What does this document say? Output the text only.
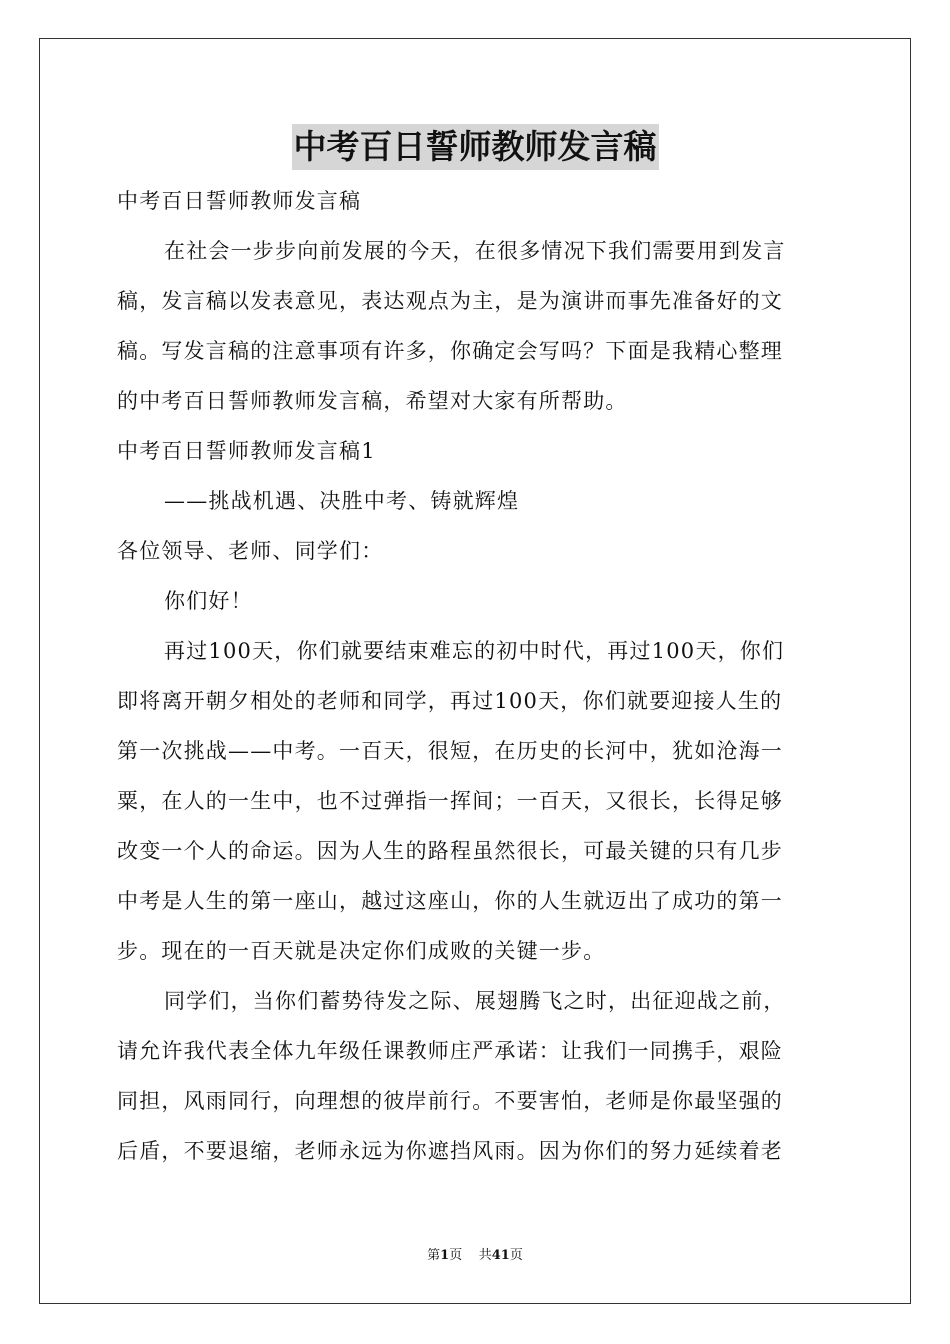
中考百日誓师教师发言稿
中考百日誓师教师发言稿
在社会一步步向前发展的今天，在很多情况下我们需要用到发言
稿，发言稿以发表意见，表达观点为主，是为演讲而事先准备好的文
稿。写发言稿的注意事项有许多，你确定会写吗？下面是我精心整理
的中考百日誓师教师发言稿，希望对大家有所帮助。
中考百日誓师教师发言稿1
——挑战机遇、决胜中考、铸就辉煌
各位领导、老师、同学们：
你们好！
再过100天，你们就要结束难忘的初中时代，再过100天，你们
即将离开朝夕相处的老师和同学，再过100天，你们就要迎接人生的
第一次挑战——中考。一百天，很短，在历史的长河中，犹如沧海一
粟，在人的一生中，也不过弹指一挥间；一百天，又很长，长得足够
改变一个人的命运。因为人生的路程虽然很长，可最关键的只有几步
中考是人生的第一座山，越过这座山，你的人生就迈出了成功的第一
步。现在的一百天就是决定你们成败的关键一步。
同学们，当你们蓄势待发之际、展翅腾飞之时，出征迎战之前，
请允许我代表全体九年级任课教师庄严承诺：让我们一同携手，艰险
同担，风雨同行，向理想的彼岸前行。不要害怕，老师是你最坚强的
后盾，不要退缩，老师永远为你遮挡风雨。因为你们的努力延续着老
第1页 共41页
